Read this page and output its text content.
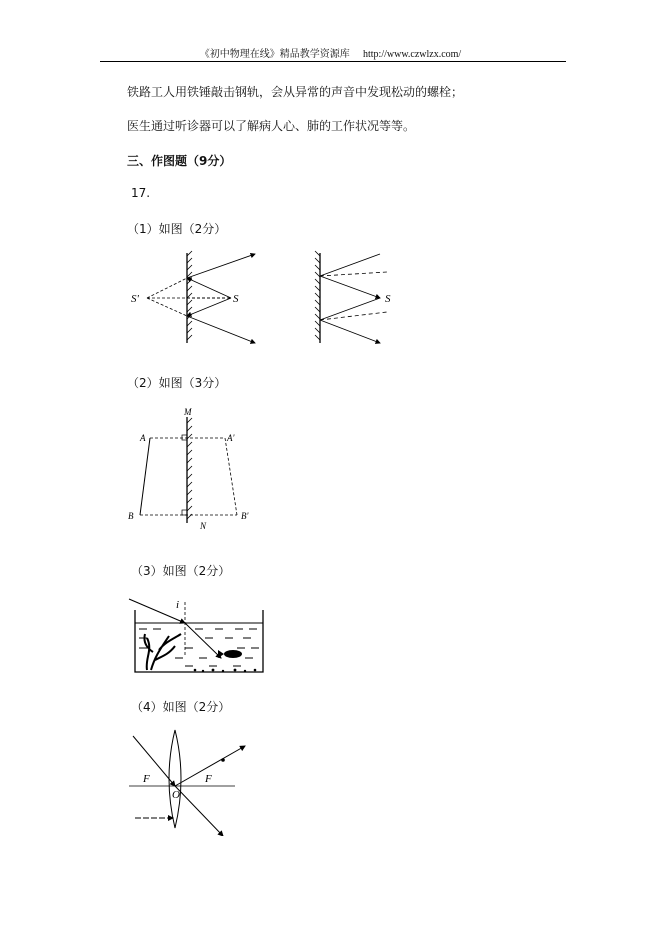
《初中物理在线》精品教学资源库 http://www.czwlzx.com/
铁路工人用铁锤敲击钢轨，会从异常的声音中发现松动的螺栓；
医生通过听诊器可以了解病人心、肺的工作状况等等。
三、作图题（9分）
17.
（1）如图（2分）
S'	S	S
（2）如图（3分）
M
N
A	A'
B	B'
（3）如图（2分）
i
（4）如图（2分）
F	F
O
